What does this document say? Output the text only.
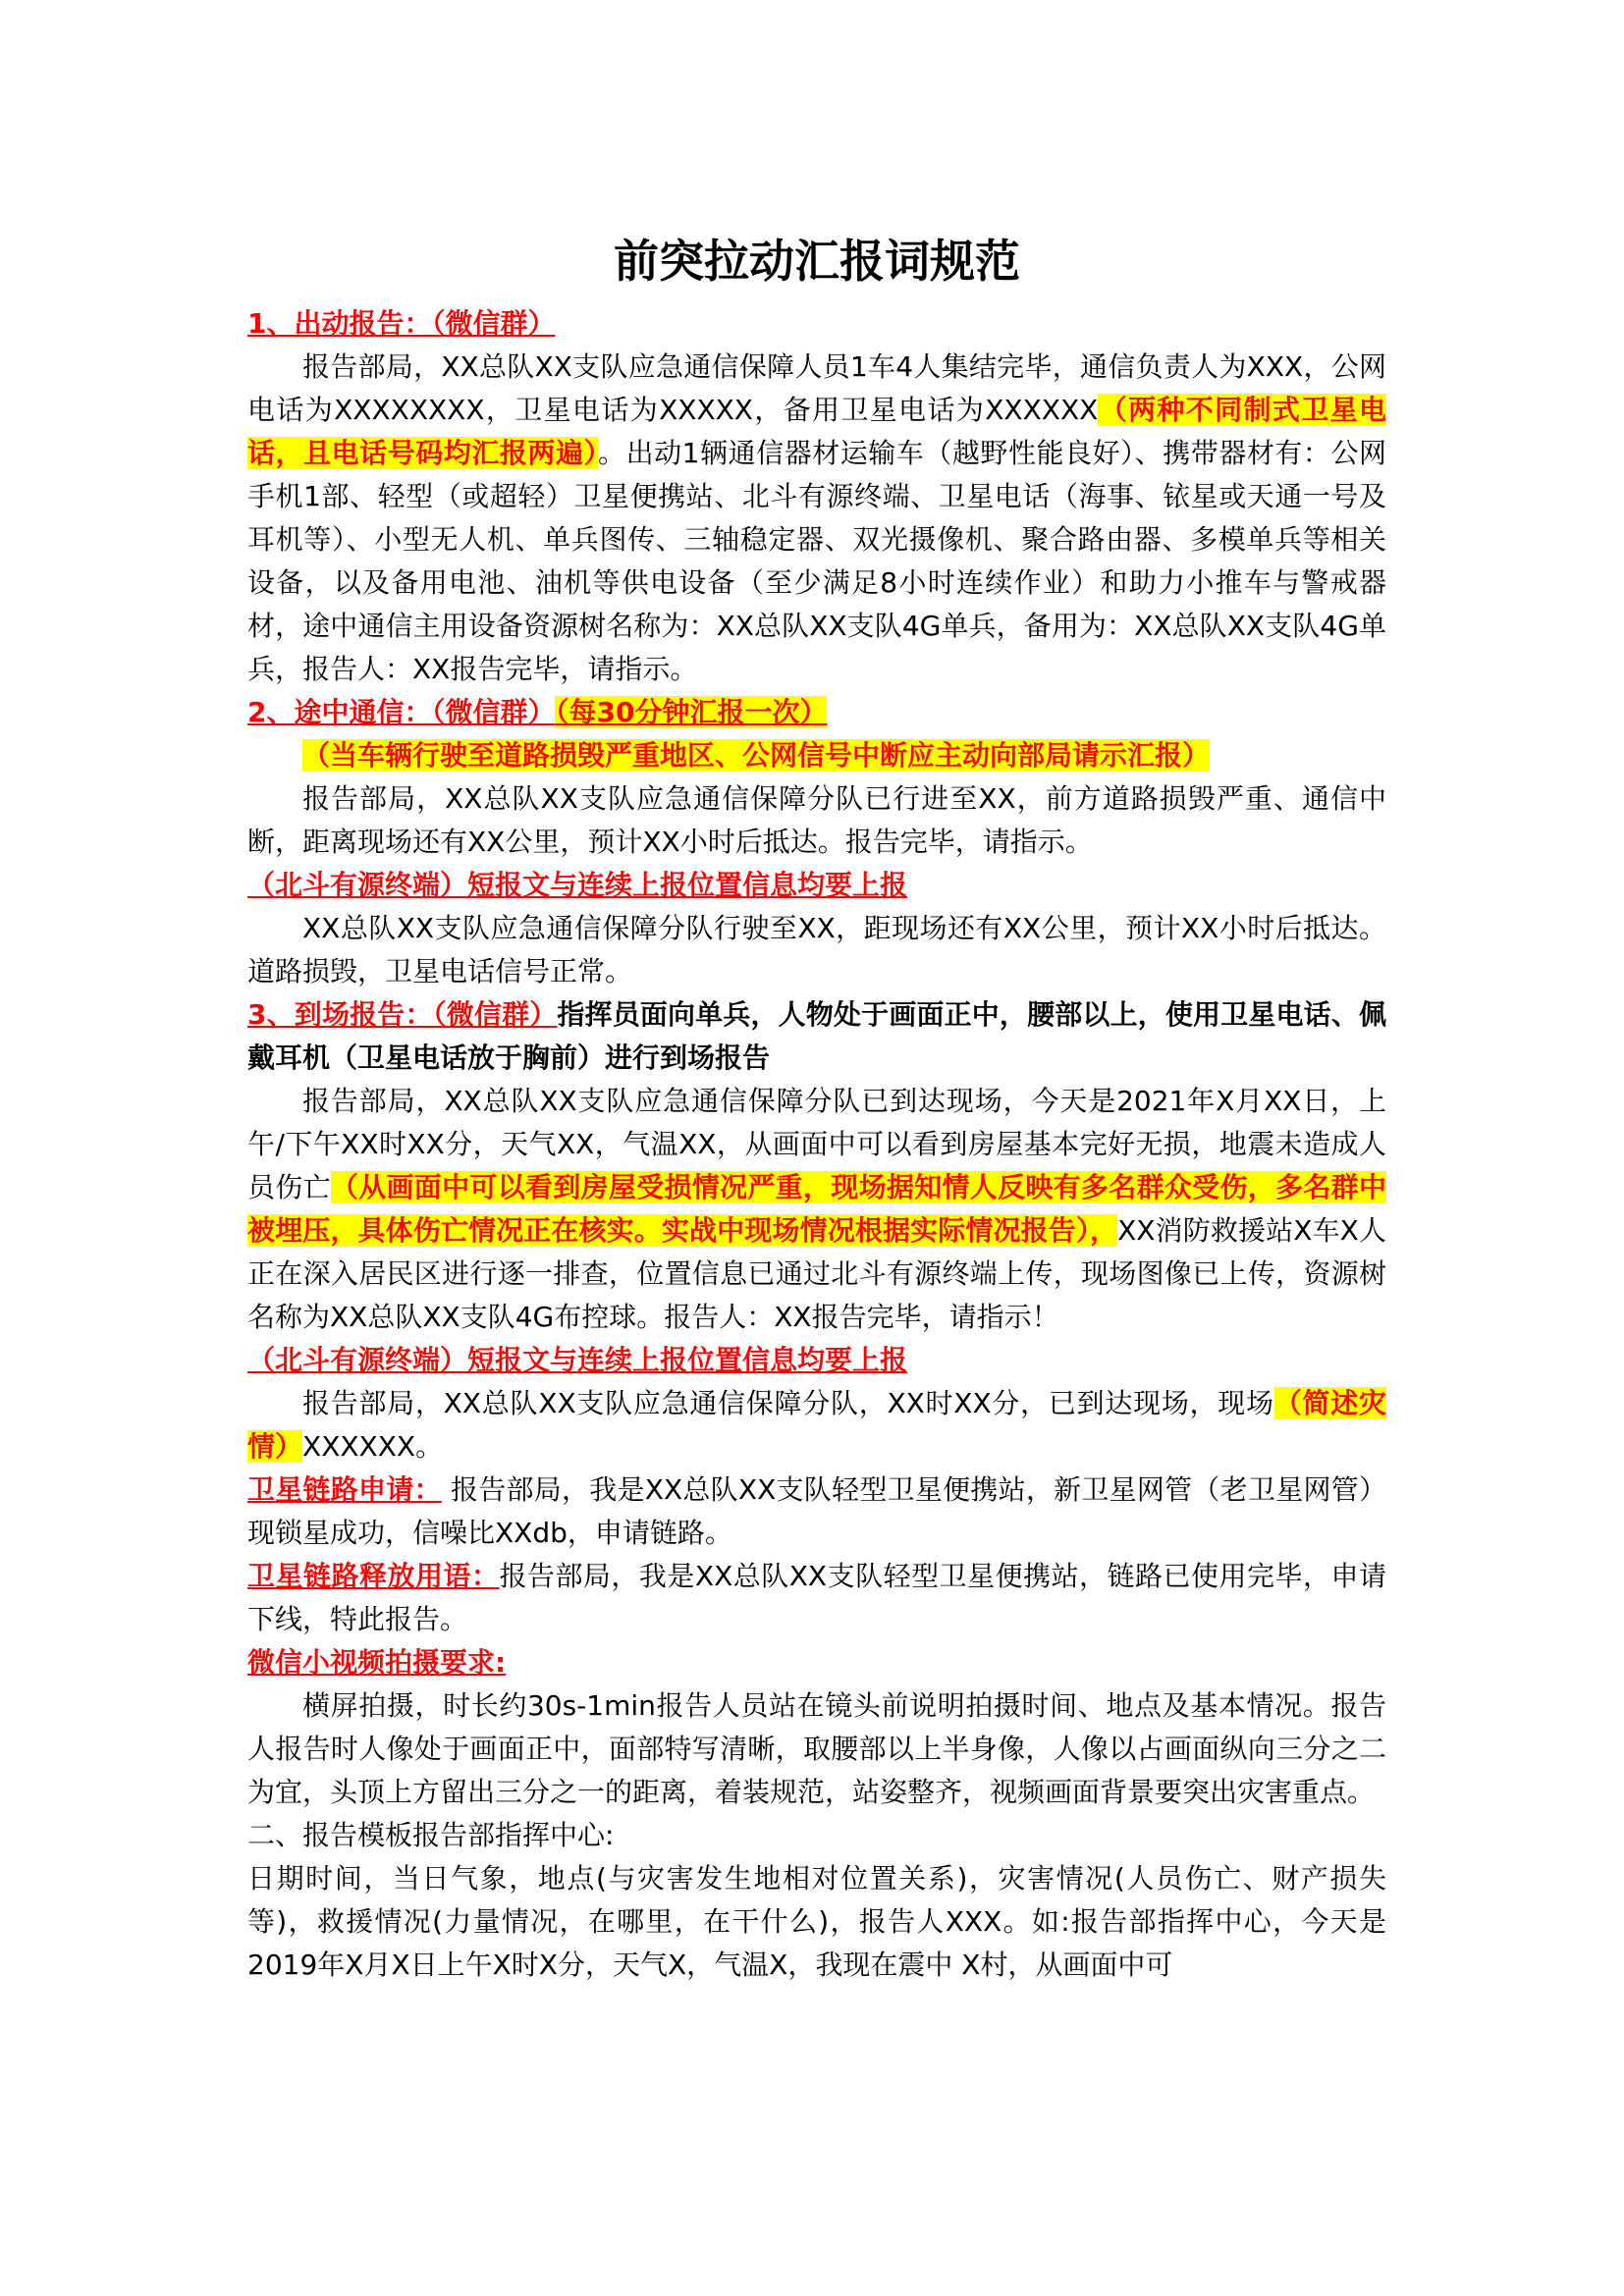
前突拉动汇报词规范

1、出动报告：（微信群）

报告部局，XX总队XX支队应急通信保障人员1车4人集结完毕，通信负责人为XXX，公网电话为XXXXXXXX，卫星电话为XXXXX，备用卫星电话为XXXXXX（两种不同制式卫星电话，且电话号码均汇报两遍）。出动1辆通信器材运输车（越野性能良好）、携带器材有：公网手机1部、轻型（或超轻）卫星便携站、北斗有源终端、卫星电话（海事、铱星或天通一号及耳机等）、小型无人机、单兵图传、三轴稳定器、双光摄像机、聚合路由器、多模单兵等相关设备，以及备用电池、油机等供电设备（至少满足8小时连续作业）和助力小推车与警戒器材，途中通信主用设备资源树名称为：XX总队XX支队4G单兵，备用为：XX总队XX支队4G单兵，报告人：XX报告完毕，请指示。

2、途中通信：（微信群）（每30分钟汇报一次）

（当车辆行驶至道路损毁严重地区、公网信号中断应主动向部局请示汇报）

报告部局，XX总队XX支队应急通信保障分队已行进至XX，前方道路损毁严重、通信中断，距离现场还有XX公里，预计XX小时后抵达。报告完毕，请指示。

（北斗有源终端）短报文与连续上报位置信息均要上报

XX总队XX支队应急通信保障分队行驶至XX，距现场还有XX公里，预计XX小时后抵达。道路损毁，卫星电话信号正常。

3、到场报告：（微信群）指挥员面向单兵，人物处于画面正中，腰部以上，使用卫星电话、佩戴耳机（卫星电话放于胸前）进行到场报告

报告部局，XX总队XX支队应急通信保障分队已到达现场，今天是2021年X月XX日，上午/下午XX时XX分，天气XX，气温XX，从画面中可以看到房屋基本完好无损，地震未造成人员伤亡（从画面中可以看到房屋受损情况严重，现场据知情人反映有多名群众受伤，多名群中被埋压，具体伤亡情况正在核实。实战中现场情况根据实际情况报告），XX消防救援站X车X人正在深入居民区进行逐一排查，位置信息已通过北斗有源终端上传，现场图像已上传，资源树名称为XX总队XX支队4G布控球。报告人：XX报告完毕，请指示！

（北斗有源终端）短报文与连续上报位置信息均要上报

报告部局，XX总队XX支队应急通信保障分队，XX时XX分，已到达现场，现场（简述灾情）XXXXXX。

卫星链路申请： 报告部局，我是XX总队XX支队轻型卫星便携站，新卫星网管（老卫星网管）现锁星成功，信噪比XXdb，申请链路。

卫星链路释放用语：报告部局，我是XX总队XX支队轻型卫星便携站，链路已使用完毕，申请下线，特此报告。

微信小视频拍摄要求:

横屏拍摄，时长约30s-1min报告人员站在镜头前说明拍摄时间、地点及基本情况。报告人报告时人像处于画面正中，面部特写清晰，取腰部以上半身像，人像以占画面纵向三分之二为宜，头顶上方留出三分之一的距离，着装规范，站姿整齐，视频画面背景要突出灾害重点。

二、报告模板报告部指挥中心:

日期时间，当日气象，地点(与灾害发生地相对位置关系)，灾害情况(人员伤亡、财产损失等)，救援情况(力量情况，在哪里，在干什么)，报告人XXX。如:报告部指挥中心，今天是2019年X月X日上午X时X分，天气X，气温X，我现在震中 X村，从画面中可
